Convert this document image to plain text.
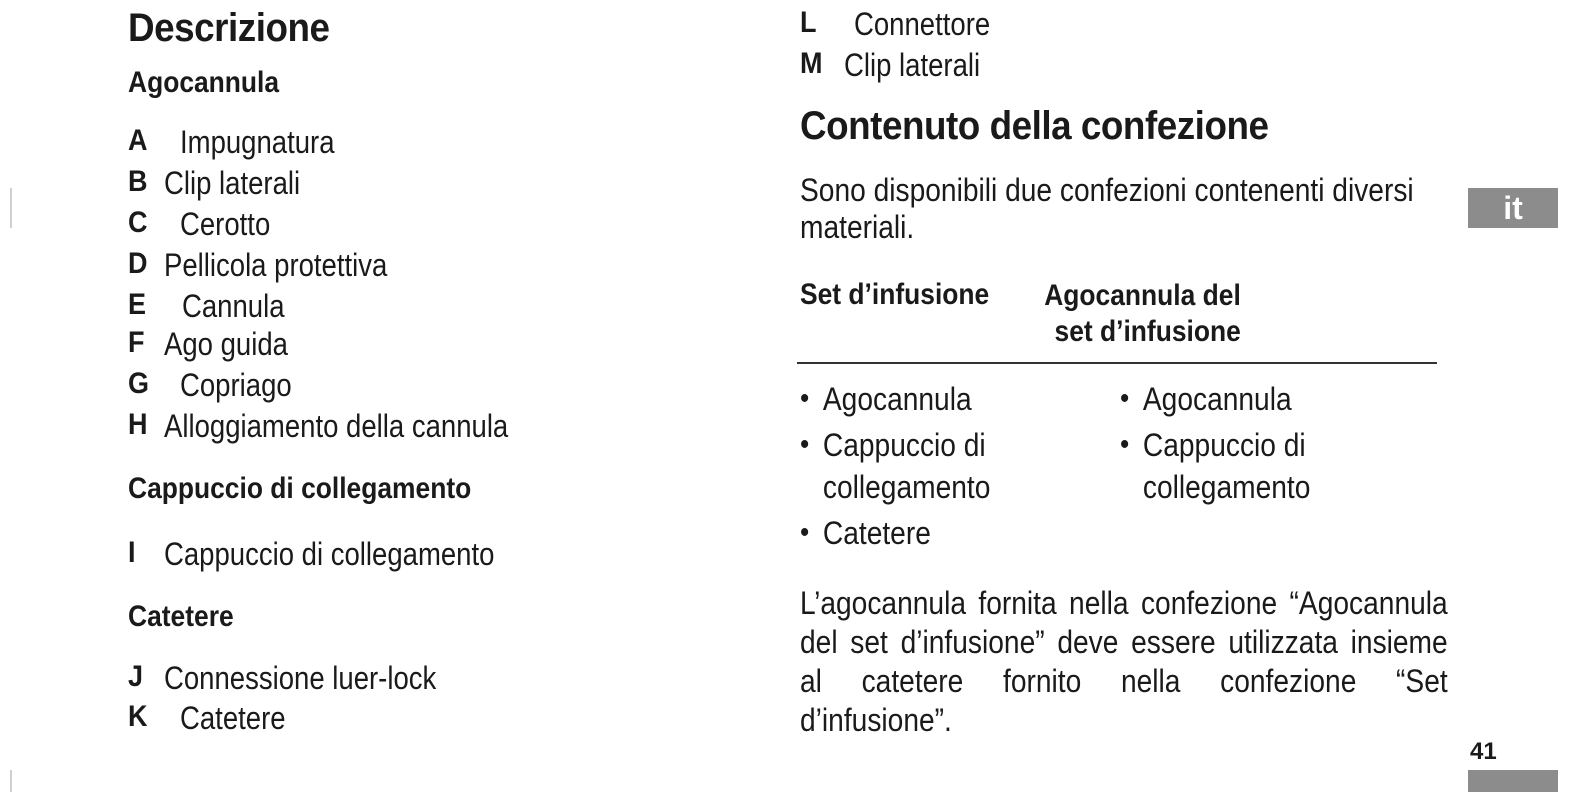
Descrizione
Agocannula
A Impugnatura
B Clip laterali
C Cerotto
D Pellicola protettiva
E Cannula
F Ago guida
G Copriago
H Alloggiamento della cannula
Cappuccio di collegamento
I Cappuccio di collegamento
Catetere
J Connessione luer-lock
K Catetere
L Connettore
M Clip laterali
Contenuto della confezione
Sono disponibili due confezioni contenenti diversi materiali.
Set d’infusione	Agocannula del set d’infusione
• Agocannula
• Cappuccio di
collegamento
• Catetere
• Agocannula
• Cappuccio di
collegamento
L’agocannula fornita nella confezione “Agocannula del set d’infusione” deve essere utilizzata insieme al catetere fornito nella confezione “Set d’infusione”.
it
41
